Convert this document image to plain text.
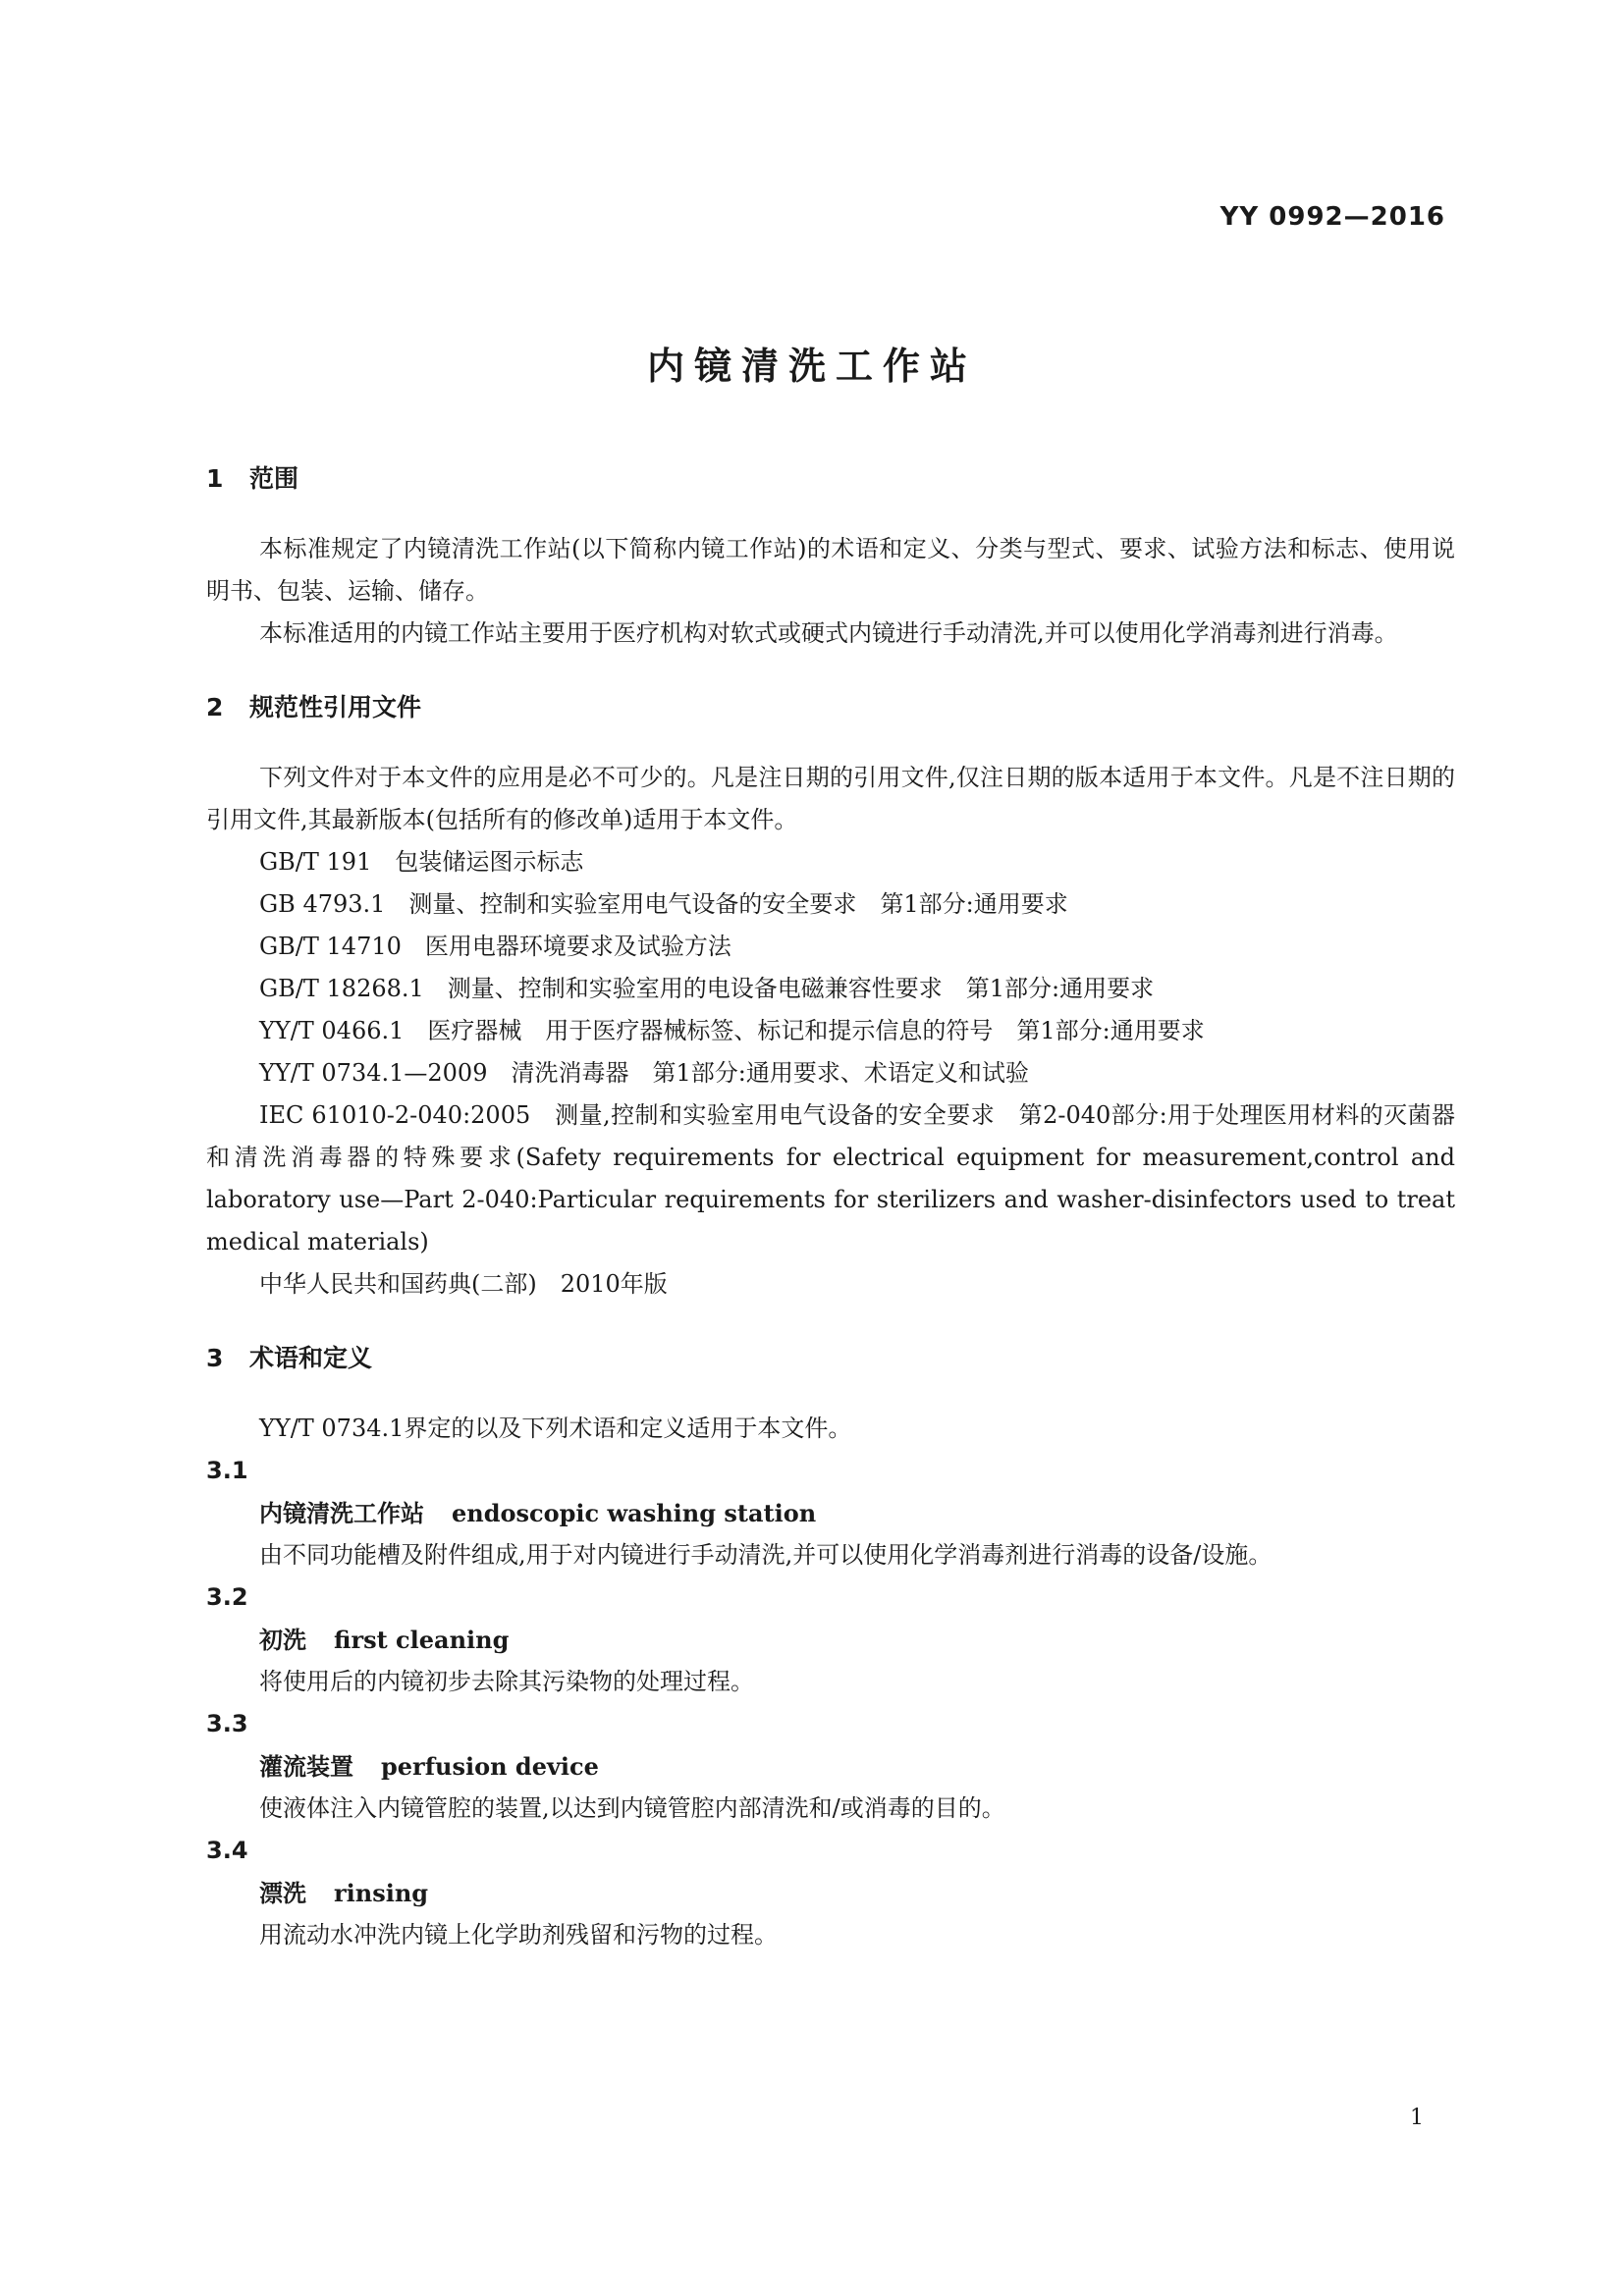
YY 0992—2016
内镜清洗工作站
1 范围

本标准规定了内镜清洗工作站(以下简称内镜工作站)的术语和定义、分类与型式、要求、试验方法和标志、使用说明书、包装、运输、储存。

本标准适用的内镜工作站主要用于医疗机构对软式或硬式内镜进行手动清洗,并可以使用化学消毒剂进行消毒。

2 规范性引用文件

下列文件对于本文件的应用是必不可少的。凡是注日期的引用文件,仅注日期的版本适用于本文件。凡是不注日期的引用文件,其最新版本(包括所有的修改单)适用于本文件。

GB/T 191　包装储运图示标志

GB 4793.1　测量、控制和实验室用电气设备的安全要求　第1部分:通用要求

GB/T 14710　医用电器环境要求及试验方法

GB/T 18268.1　测量、控制和实验室用的电设备电磁兼容性要求　第1部分:通用要求

YY/T 0466.1　医疗器械　用于医疗器械标签、标记和提示信息的符号　第1部分:通用要求

YY/T 0734.1—2009　清洗消毒器　第1部分:通用要求、术语定义和试验

IEC 61010-2-040:2005　测量,控制和实验室用电气设备的安全要求　第2-040部分:用于处理医用材料的灭菌器和清洗消毒器的特殊要求(Safety requirements for electrical equipment for measurement,control and laboratory use—Part 2-040:Particular requirements for sterilizers and washer-disinfectors used to treat medical materials)

中华人民共和国药典(二部)　2010年版

3 术语和定义

YY/T 0734.1界定的以及下列术语和定义适用于本文件。

3.1

内镜清洗工作站 endoscopic washing station

由不同功能槽及附件组成,用于对内镜进行手动清洗,并可以使用化学消毒剂进行消毒的设备/设施。

3.2

初洗 first cleaning

将使用后的内镜初步去除其污染物的处理过程。

3.3

灌流装置 perfusion device

使液体注入内镜管腔的装置,以达到内镜管腔内部清洗和/或消毒的目的。

3.4

漂洗 rinsing

用流动水冲洗内镜上化学助剂残留和污物的过程。

1
